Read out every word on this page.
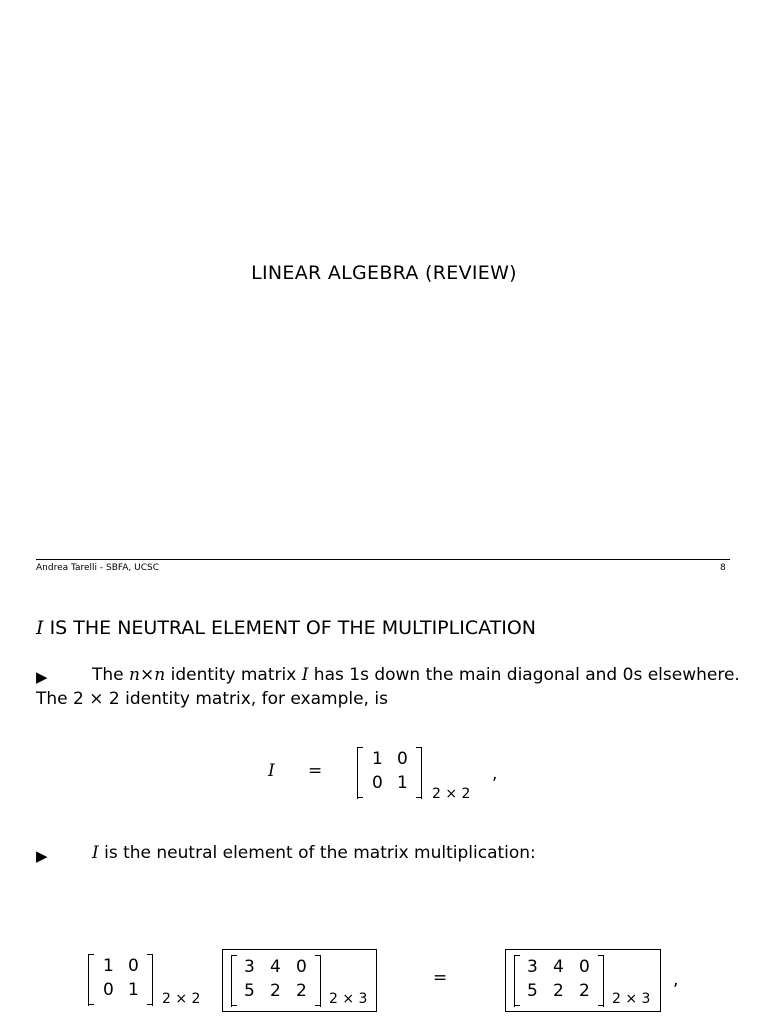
LINEAR ALGEBRA (REVIEW)
Andrea Tarelli - SBFA, UCSC	8
I IS THE NEUTRAL ELEMENT OF THE MULTIPLICATION
▶	The n×n identity matrix I has 1s down the main diagonal and 0s elsewhere.
The 2 × 2 identity matrix, for example, is
I =
1 0
0 1
2 × 2
,
▶	I is the neutral element of the matrix multiplication:
1 0
0 1 2 × 2
3 4 0
5 2 2 2 × 3
=
3 4 0
5 2 2 2 × 3
,
